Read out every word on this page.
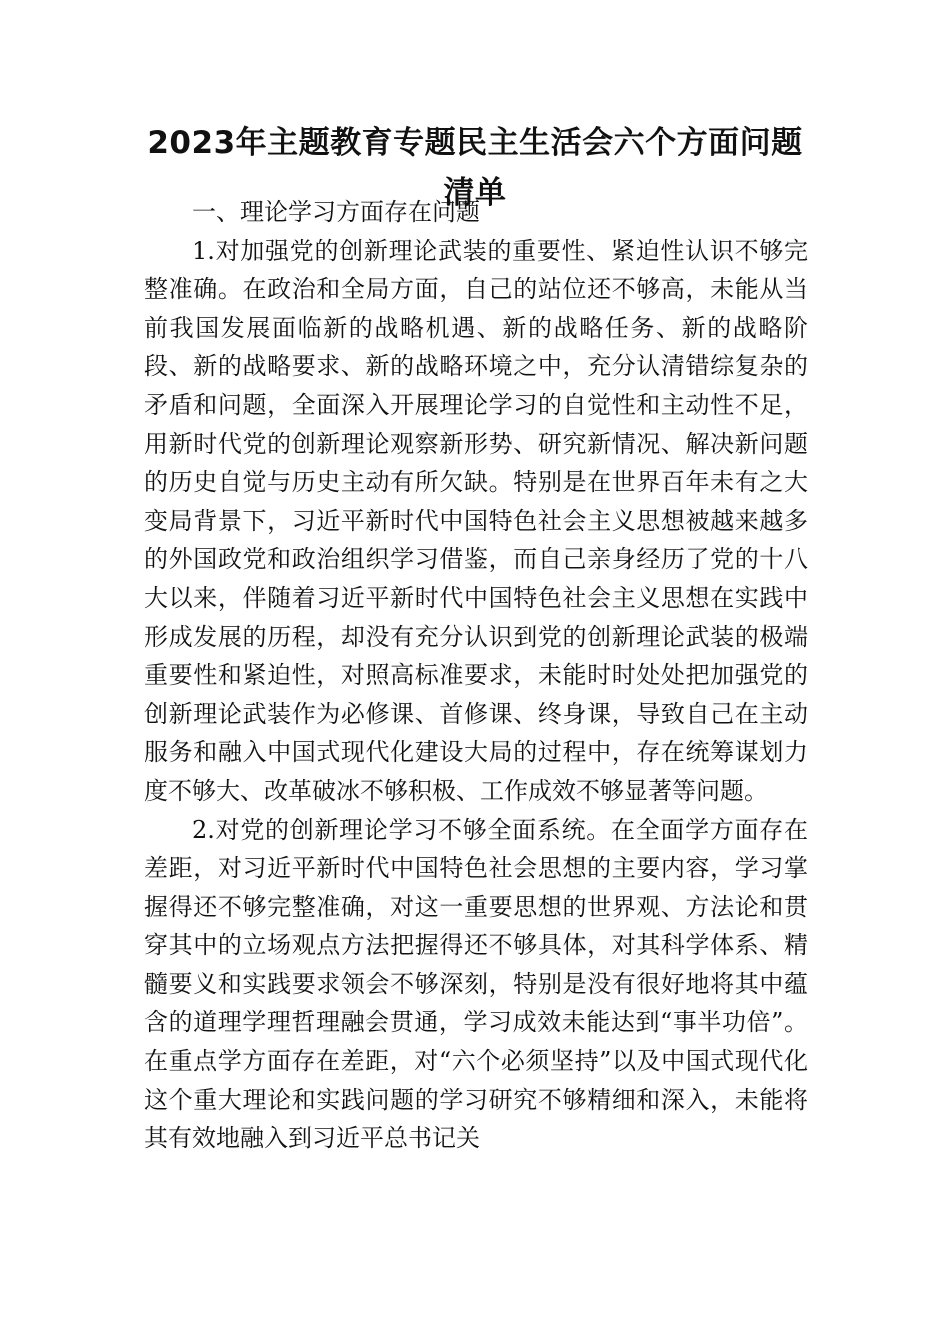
2023年主题教育专题民主生活会六个方面问题清单

一、理论学习方面存在问题

1.对加强党的创新理论武装的重要性、紧迫性认识不够完整准确。在政治和全局方面，自己的站位还不够高，未能从当前我国发展面临新的战略机遇、新的战略任务、新的战略阶段、新的战略要求、新的战略环境之中，充分认清错综复杂的矛盾和问题，全面深入开展理论学习的自觉性和主动性不足，用新时代党的创新理论观察新形势、研究新情况、解决新问题的历史自觉与历史主动有所欠缺。特别是在世界百年未有之大变局背景下，习近平新时代中国特色社会主义思想被越来越多的外国政党和政治组织学习借鉴，而自己亲身经历了党的十八大以来，伴随着习近平新时代中国特色社会主义思想在实践中形成发展的历程，却没有充分认识到党的创新理论武装的极端重要性和紧迫性，对照高标准要求，未能时时处处把加强党的创新理论武装作为必修课、首修课、终身课，导致自己在主动服务和融入中国式现代化建设大局的过程中，存在统筹谋划力度不够大、改革破冰不够积极、工作成效不够显著等问题。

2.对党的创新理论学习不够全面系统。在全面学方面存在差距，对习近平新时代中国特色社会思想的主要内容，学习掌握得还不够完整准确，对这一重要思想的世界观、方法论和贯穿其中的立场观点方法把握得还不够具体，对其科学体系、精髓要义和实践要求领会不够深刻，特别是没有很好地将其中蕴含的道理学理哲理融会贯通，学习成效未能达到“事半功倍”。在重点学方面存在差距，对“六个必须坚持”以及中国式现代化这个重大理论和实践问题的学习研究不够精细和深入，未能将其有效地融入到习近平总书记关
